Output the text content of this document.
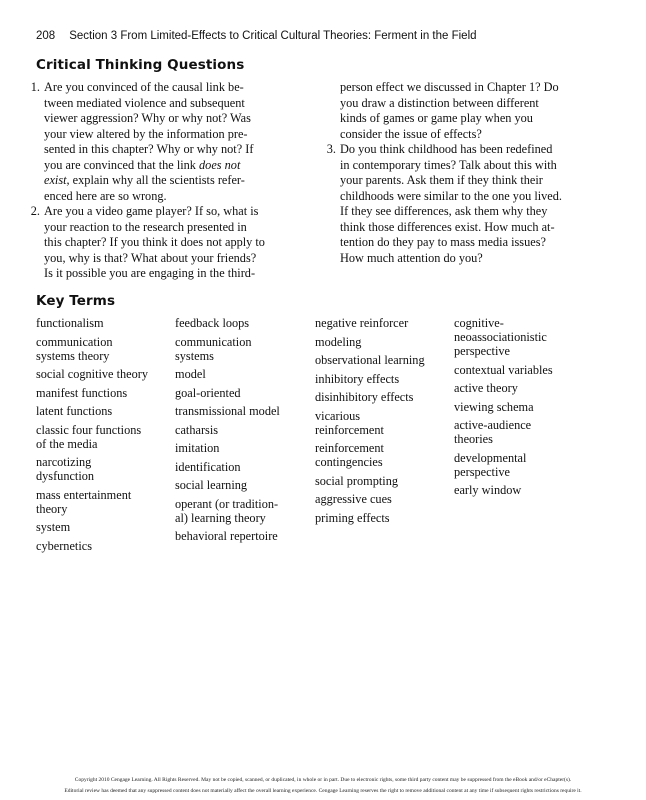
208 Section 3 From Limited-Effects to Critical Cultural Theories: Ferment in the Field
Critical Thinking Questions
1. Are you convinced of the causal link be-
tween mediated violence and subsequent
viewer aggression? Why or why not? Was
your view altered by the information pre-
sented in this chapter? Why or why not? If
you are convinced that the link does not
exist, explain why all the scientists refer-
enced here are so wrong.
2. Are you a video game player? If so, what is
your reaction to the research presented in
this chapter? If you think it does not apply to
you, why is that? What about your friends?
Is it possible you are engaging in the third-
person effect we discussed in Chapter 1? Do
you draw a distinction between different
kinds of games or game play when you
consider the issue of effects?
3. Do you think childhood has been redefined
in contemporary times? Talk about this with
your parents. Ask them if they think their
childhoods were similar to the one you lived.
If they see differences, ask them why they
think those differences exist. How much at-
tention do they pay to mass media issues?
How much attention do you?
Key Terms
functionalism
communication
systems theory
social cognitive theory
manifest functions
latent functions
classic four functions
of the media
narcotizing
dysfunction
mass entertainment
theory
system
cybernetics
feedback loops
communication
systems
model
goal-oriented
transmissional model
catharsis
imitation
identification
social learning
operant (or tradition-
al) learning theory
behavioral repertoire
negative reinforcer
modeling
observational learning
inhibitory effects
disinhibitory effects
vicarious
reinforcement
reinforcement
contingencies
social prompting
aggressive cues
priming effects
cognitive-
neoassociationistic
perspective
contextual variables
active theory
viewing schema
active-audience
theories
developmental
perspective
early window
Copyright 2010 Cengage Learning. All Rights Reserved. May not be copied, scanned, or duplicated, in whole or in part. Due to electronic rights, some third party content may be suppressed from the eBook and/or eChapter(s).
Editorial review has deemed that any suppressed content does not materially affect the overall learning experience. Cengage Learning reserves the right to remove additional content at any time if subsequent rights restrictions require it.
